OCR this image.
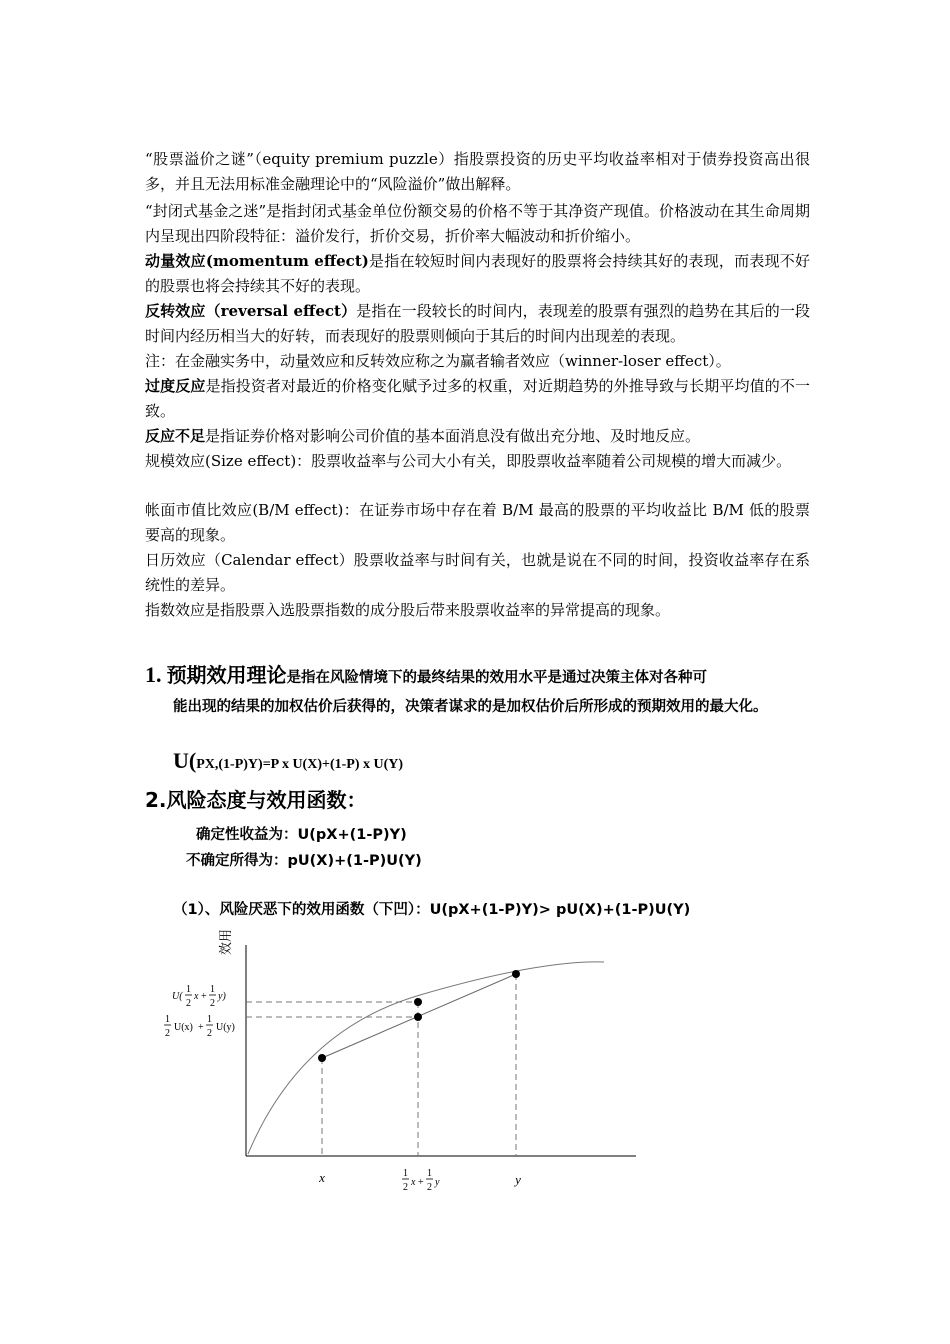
“股票溢价之谜”（equity premium puzzle）指股票投资的历史平均收益率相对于债券投资高出很多，并且无法用标准金融理论中的“风险溢价”做出解释。
“封闭式基金之迷”是指封闭式基金单位份额交易的价格不等于其净资产现值。价格波动在其生命周期内呈现出四阶段特征：溢价发行，折价交易，折价率大幅波动和折价缩小。
动量效应(momentum effect)是指在较短时间内表现好的股票将会持续其好的表现，而表现不好的股票也将会持续其不好的表现。
反转效应（reversal effect）是指在一段较长的时间内，表现差的股票有强烈的趋势在其后的一段时间内经历相当大的好转，而表现好的股票则倾向于其后的时间内出现差的表现。
注：在金融实务中，动量效应和反转效应称之为赢者输者效应（winner-loser effect）。
过度反应是指投资者对最近的价格变化赋予过多的权重，对近期趋势的外推导致与长期平均值的不一致。
反应不足是指证券价格对影响公司价值的基本面消息没有做出充分地、及时地反应。
规模效应(Size effect)：股票收益率与公司大小有关，即股票收益率随着公司规模的增大而减少。
帐面市值比效应(B/M effect)：在证券市场中存在着 B/M 最高的股票的平均收益比 B/M 低的股票要高的现象。
日历效应（Calendar effect）股票收益率与时间有关，也就是说在不同的时间，投资收益率存在系统性的差异。
指数效应是指股票入选股票指数的成分股后带来股票收益率的异常提高的现象。
1. 预期效用理论是指在风险情境下的最终结果的效用水平是通过决策主体对各种可
能出现的结果的加权估价后获得的，决策者谋求的是加权估价后所形成的预期效用的最大化。
U(PX,(1-P)Y)=P x U(X)+(1-P) x U(Y)
2.风险态度与效用函数：
确定性收益为：U(pX+(1-P)Y)
不确定所得为：pU(X)+(1-P)U(Y)
（1）、风险厌恶下的效用函数（下凹）：U(pX+(1-P)Y)> pU(X)+(1-P)U(Y)
效用
x	y
1
2 x +
1
2 y
U(
1
2
x +
1
2
y)
1
2
U(x) +
1
2
U(y)
